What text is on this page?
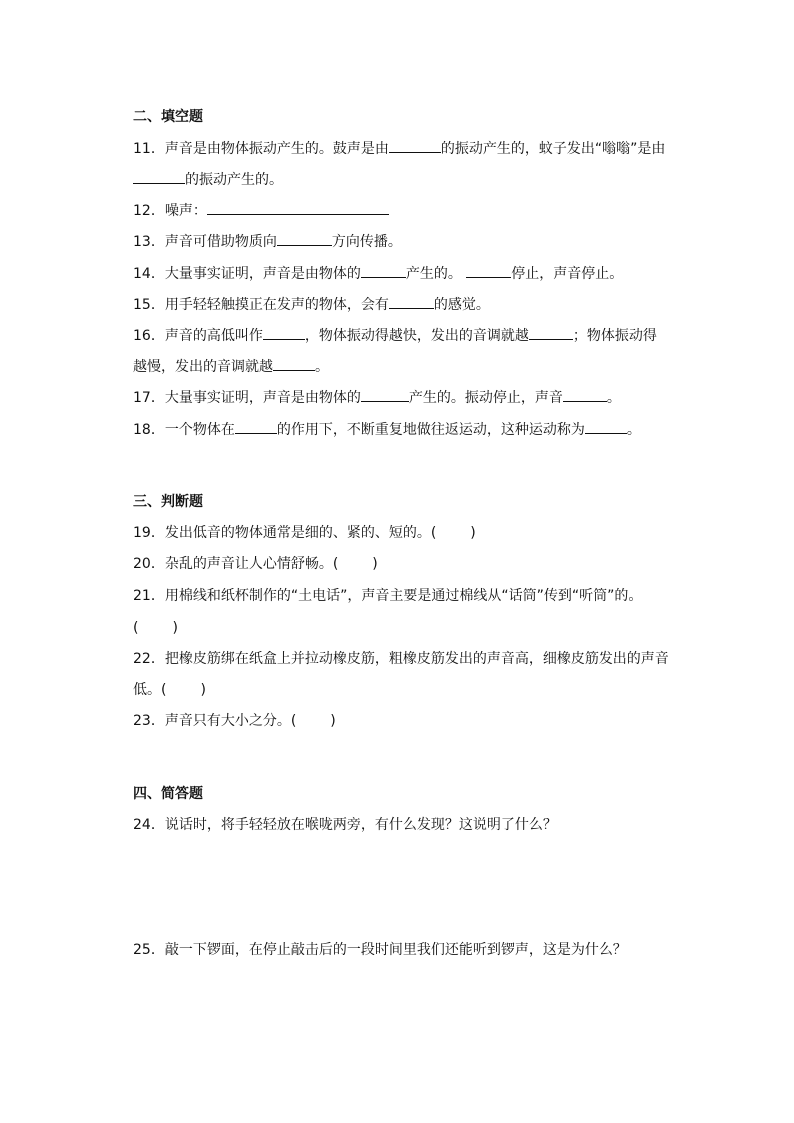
二、填空题
11．声音是由物体振动产生的。鼓声是由	的振动产生的，蚊子发出“嗡嗡”是由
的振动产生的。
12．噪声：
13．声音可借助物质向	方向传播。
14．大量事实证明，声音是由物体的	产生的。	停止，声音停止。
15．用手轻轻触摸正在发声的物体，会有	的感觉。
16．声音的高低叫作	，物体振动得越快，发出的音调就越	；物体振动得
越慢，发出的音调就越	。
17．大量事实证明，声音是由物体的	产生的。振动停止，声音	。
18．一个物体在	的作用下，不断重复地做往返运动，这种运动称为	。
三、判断题
19．发出低音的物体通常是细的、紧的、短的。( )
20．杂乱的声音让人心情舒畅。( )
21．用棉线和纸杯制作的“土电话”，声音主要是通过棉线从“话筒”传到“听筒”的。
( )
22．把橡皮筋绑在纸盒上并拉动橡皮筋，粗橡皮筋发出的声音高，细橡皮筋发出的声音
低。( )
23．声音只有大小之分。( )
四、简答题
24．说话时，将手轻轻放在喉咙两旁，有什么发现？这说明了什么？
25．敲一下锣面，在停止敲击后的一段时间里我们还能听到锣声，这是为什么？
